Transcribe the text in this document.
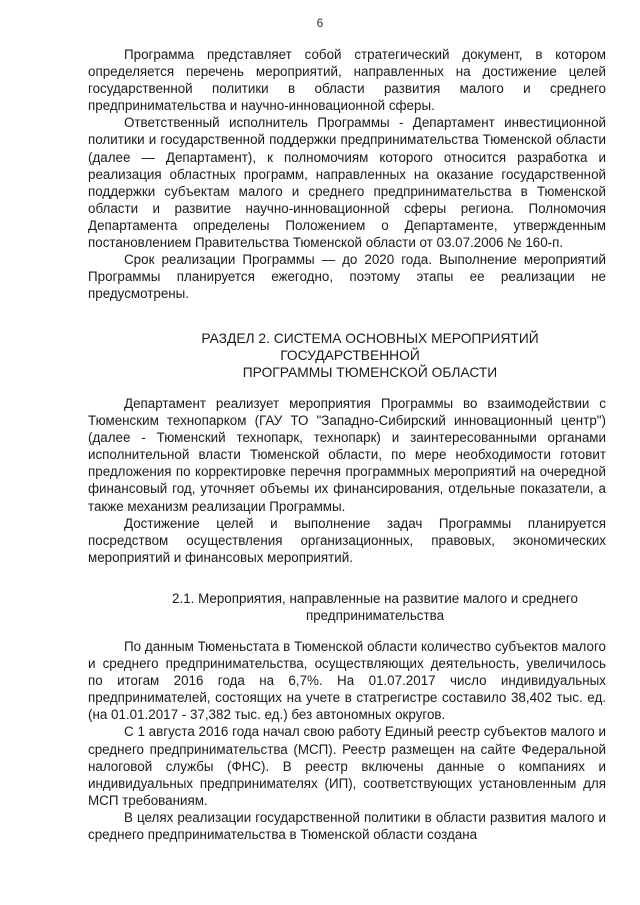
6

Программа представляет собой стратегический документ, в котором определяется перечень мероприятий, направленных на достижение целей государственной политики в области развития малого и среднего предпринимательства и научно-инновационной сферы.

Ответственный исполнитель Программы - Департамент инвестиционной политики и государственной поддержки предпринимательства Тюменской области (далее — Департамент), к полномочиям которого относится разработка и реализация областных программ, направленных на оказание государственной поддержки субъектам малого и среднего предпринимательства в Тюменской области и развитие научно-инновационной сферы региона. Полномочия Департамента определены Положением о Департаменте, утвержденным постановлением Правительства Тюменской области от 03.07.2006 № 160-п.

Срок реализации Программы — до 2020 года. Выполнение мероприятий Программы планируется ежегодно, поэтому этапы ее реализации не предусмотрены.

РАЗДЕЛ 2. СИСТЕМА ОСНОВНЫХ МЕРОПРИЯТИЙ

ГОСУДАРСТВЕННОЙ

ПРОГРАММЫ ТЮМЕНСКОЙ ОБЛАСТИ

Департамент реализует мероприятия Программы во взаимодействии с Тюменским технопарком (ГАУ ТО "Западно-Сибирский инновационный центр") (далее - Тюменский технопарк, технопарк) и заинтересованными органами исполнительной власти Тюменской области, по мере необходимости готовит предложения по корректировке перечня программных мероприятий на очередной финансовый год, уточняет объемы их финансирования, отдельные показатели, а также механизм реализации Программы.

Достижение целей и выполнение задач Программы планируется посредством осуществления организационных, правовых, экономических мероприятий и финансовых мероприятий.

2.1. Мероприятия, направленные на развитие малого и среднего

предпринимательства

По данным Тюменьстата в Тюменской области количество субъектов малого и среднего предпринимательства, осуществляющих деятельность, увеличилось по итогам 2016 года на 6,7%. На 01.07.2017 число индивидуальных предпринимателей, состоящих на учете в статрегистре составило 38,402 тыс. ед. (на 01.01.2017 - 37,382 тыс. ед.) без автономных округов.

С 1 августа 2016 года начал свою работу Единый реестр субъектов малого и среднего предпринимательства (МСП). Реестр размещен на сайте Федеральной налоговой службы (ФНС). В реестр включены данные о компаниях и индивидуальных предпринимателях (ИП), соответствующих установленным для МСП требованиям.

В целях реализации государственной политики в области развития малого и среднего предпринимательства в Тюменской области создана
